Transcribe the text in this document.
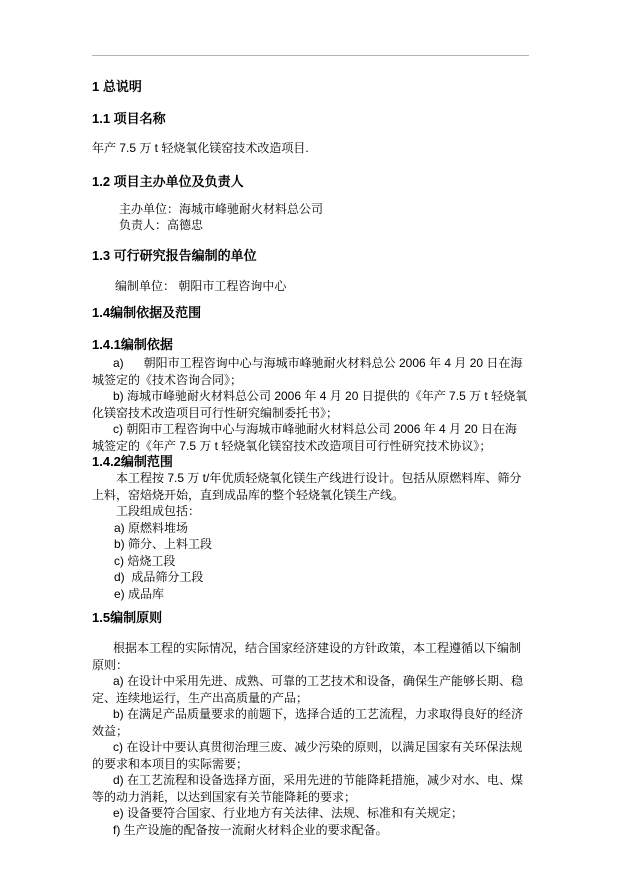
1 总说明
1.1 项目名称
年产 7.5 万 t 轻烧氧化镁窑技术改造项目.
1.2 项目主办单位及负责人
主办单位：海城市峰驰耐火材料总公司
负责人：高德忠
1.3 可行研究报告编制的单位
编制单位： 朝阳市工程咨询中心
1.4编制依据及范围
1.4.1编制依据
a)      朝阳市工程咨询中心与海城市峰驰耐火材料总公 2006 年 4 月 20 日在海城签定的《技术咨询合同》；
b) 海城市峰驰耐火材料总公司 2006 年 4 月 20 日提供的《年产 7.5 万 t 轻烧氧化镁窑技术改造项目可行性研究编制委托书》；
c) 朝阳市工程咨询中心与海城市峰驰耐火材料总公司 2006 年 4 月 20 日在海城签定的《年产 7.5 万 t 轻烧氧化镁窑技术改造项目可行性研究技术协议》；
1.4.2编制范围
本工程按 7.5 万 t/年优质轻烧氧化镁生产线进行设计。包括从原燃料库、筛分上料，窑焙烧开始，直到成品库的整个轻烧氧化镁生产线。
工段组成包括：
a) 原燃料堆场
b) 筛分、上料工段
c) 焙烧工段
d)  成品筛分工段
e) 成品库
1.5编制原则
根据本工程的实际情况，结合国家经济建设的方针政策，本工程遵循以下编制原则：
a) 在设计中采用先进、成熟、可靠的工艺技术和设备，确保生产能够长期、稳定、连续地运行，生产出高质量的产品；
b) 在满足产品质量要求的前题下，选择合适的工艺流程，力求取得良好的经济效益；
c) 在设计中要认真贯彻治理三废、减少污染的原则，以满足国家有关环保法规的要求和本项目的实际需要；
d) 在工艺流程和设备选择方面，采用先进的节能降耗措施，减少对水、电、煤等的动力消耗，以达到国家有关节能降耗的要求；
e) 设备要符合国家、行业地方有关法律、法规、标准和有关规定；
f) 生产设施的配备按一流耐火材料企业的要求配备。
